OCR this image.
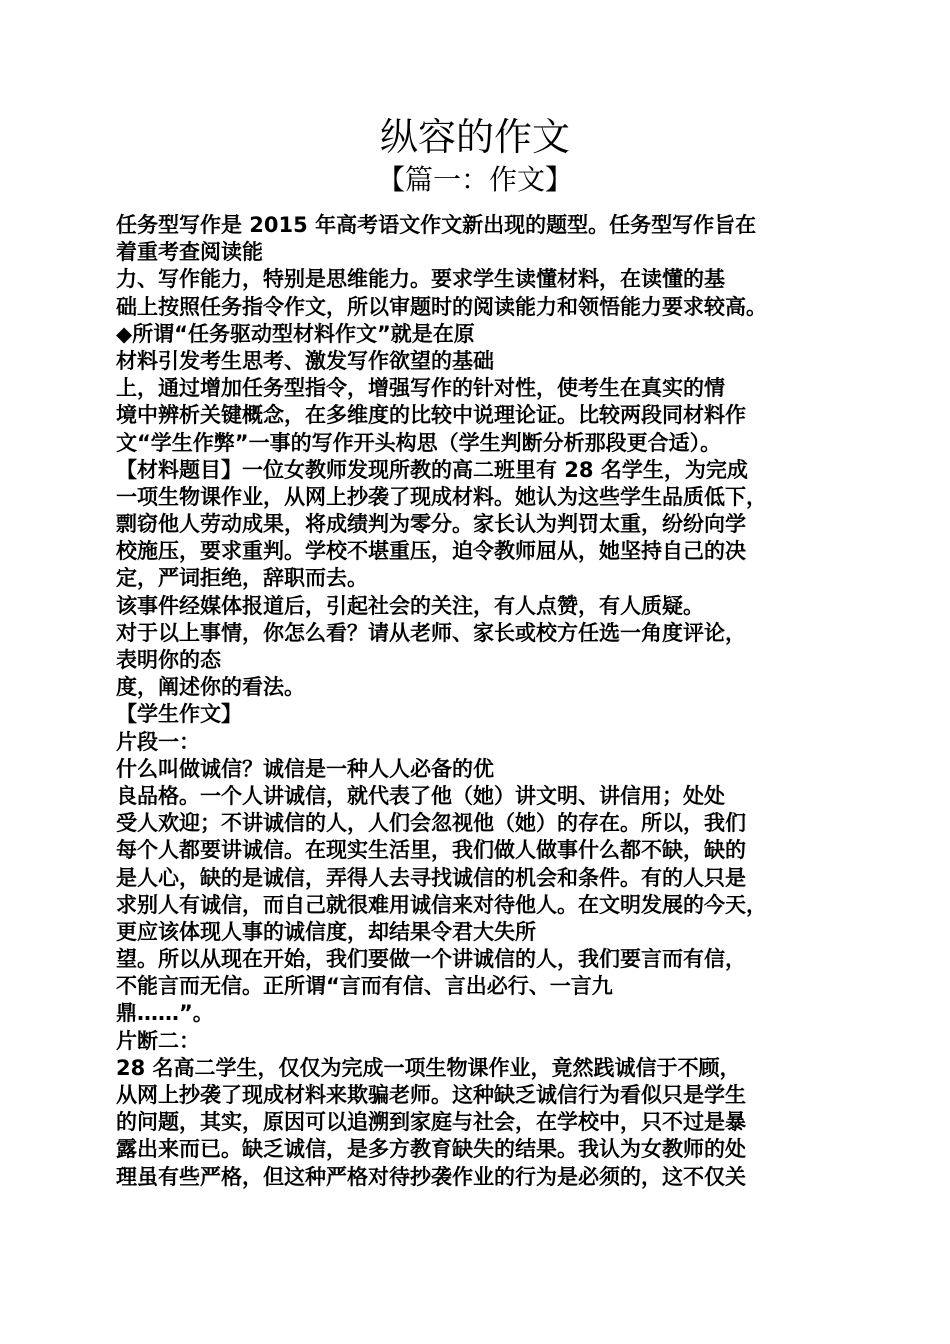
纵容的作文
【篇一：作文】
任务型写作是 2015 年高考语文作文新出现的题型。任务型写作旨在
着重考查阅读能
力、写作能力，特别是思维能力。要求学生读懂材料，在读懂的基
础上按照任务指令作文，所以审题时的阅读能力和领悟能力要求较高。
◆所谓“任务驱动型材料作文”就是在原
材料引发考生思考、激发写作欲望的基础
上，通过增加任务型指令，增强写作的针对性，使考生在真实的情
境中辨析关键概念，在多维度的比较中说理论证。比较两段同材料作
文“学生作弊”一事的写作开头构思（学生判断分析那段更合适）。
【材料题目】一位女教师发现所教的高二班里有 28 名学生，为完成
一项生物课作业，从网上抄袭了现成材料。她认为这些学生品质低下，
剽窃他人劳动成果，将成绩判为零分。家长认为判罚太重，纷纷向学
校施压，要求重判。学校不堪重压，迫令教师屈从，她坚持自己的决
定，严词拒绝，辞职而去。
该事件经媒体报道后，引起社会的关注，有人点赞，有人质疑。
对于以上事情，你怎么看？请从老师、家长或校方任选一角度评论，
表明你的态
度，阐述你的看法。
【学生作文】
片段一：
什么叫做诚信？诚信是一种人人必备的优
良品格。一个人讲诚信，就代表了他（她）讲文明、讲信用；处处
受人欢迎；不讲诚信的人，人们会忽视他（她）的存在。所以，我们
每个人都要讲诚信。在现实生活里，我们做人做事什么都不缺，缺的
是人心，缺的是诚信，弄得人去寻找诚信的机会和条件。有的人只是
求别人有诚信，而自己就很难用诚信来对待他人。在文明发展的今天，
更应该体现人事的诚信度，却结果令君大失所
望。所以从现在开始，我们要做一个讲诚信的人，我们要言而有信，
不能言而无信。正所谓“言而有信、言出必行、一言九
鼎……”。
片断二：
28 名高二学生，仅仅为完成一项生物课作业，竟然践诚信于不顾，
从网上抄袭了现成材料来欺骗老师。这种缺乏诚信行为看似只是学生
的问题，其实，原因可以追溯到家庭与社会，在学校中，只不过是暴
露出来而已。缺乏诚信，是多方教育缺失的结果。我认为女教师的处
理虽有些严格，但这种严格对待抄袭作业的行为是必须的，这不仅关
